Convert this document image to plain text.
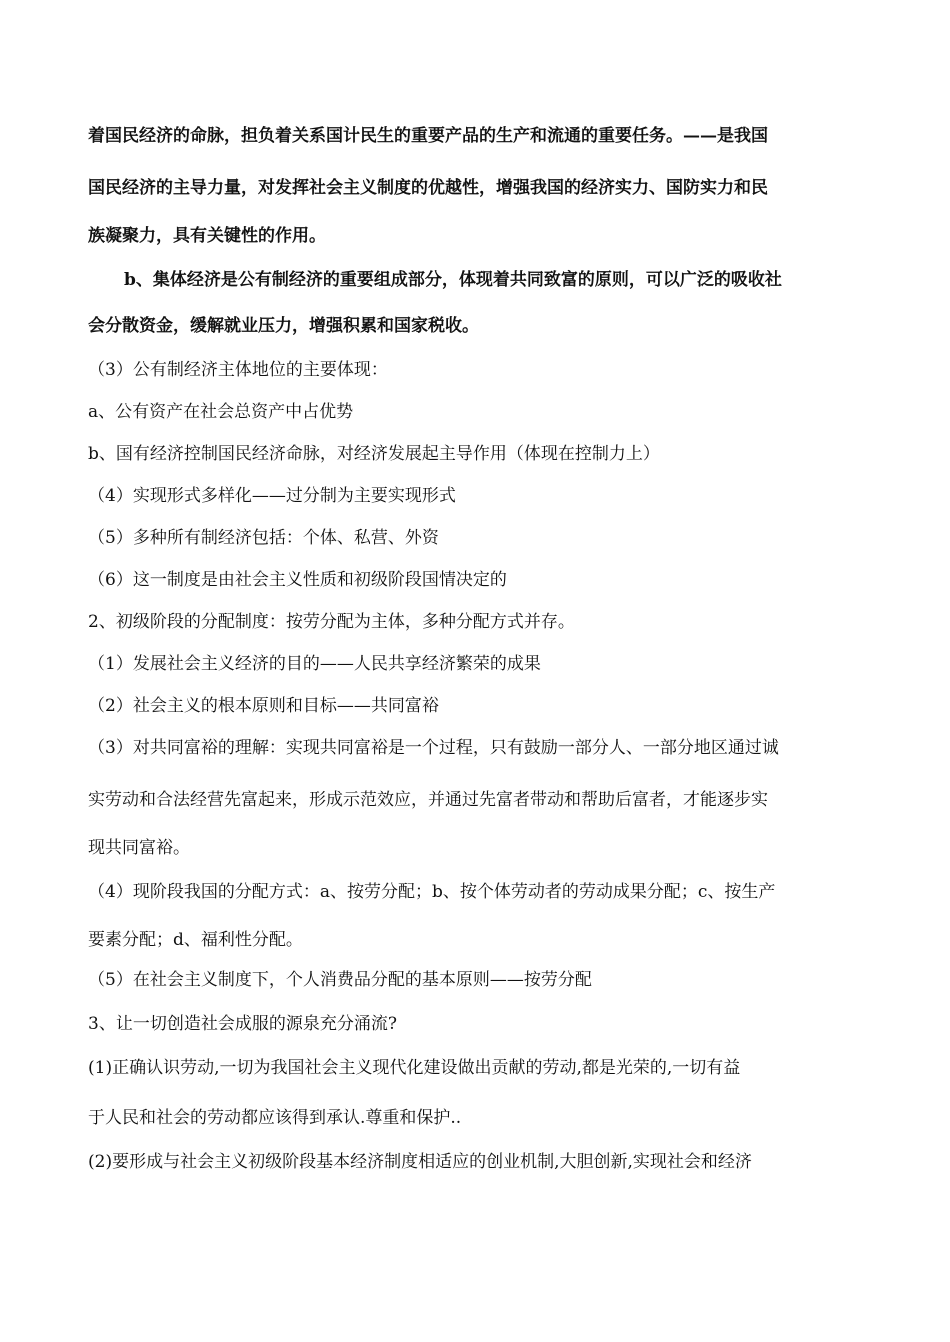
着国民经济的命脉，担负着关系国计民生的重要产品的生产和流通的重要任务。——是我国
国民经济的主导力量，对发挥社会主义制度的优越性，增强我国的经济实力、国防实力和民
族凝聚力，具有关键性的作用。
b、集体经济是公有制经济的重要组成部分，体现着共同致富的原则，可以广泛的吸收社
会分散资金，缓解就业压力，增强积累和国家税收。
（3）公有制经济主体地位的主要体现：
a、公有资产在社会总资产中占优势
b、国有经济控制国民经济命脉，对经济发展起主导作用（体现在控制力上）
（4）实现形式多样化——过分制为主要实现形式
（5）多种所有制经济包括：个体、私营、外资
（6）这一制度是由社会主义性质和初级阶段国情决定的
2、初级阶段的分配制度：按劳分配为主体，多种分配方式并存。
（1）发展社会主义经济的目的——人民共享经济繁荣的成果
（2）社会主义的根本原则和目标——共同富裕
（3）对共同富裕的理解：实现共同富裕是一个过程，只有鼓励一部分人、一部分地区通过诚
实劳动和合法经营先富起来，形成示范效应，并通过先富者带动和帮助后富者，才能逐步实
现共同富裕。
（4）现阶段我国的分配方式：a、按劳分配；b、按个体劳动者的劳动成果分配；c、按生产
要素分配；d、福利性分配。
（5）在社会主义制度下，个人消费品分配的基本原则——按劳分配
3、让一切创造社会成服的源泉充分涌流?
(1)正确认识劳动,一切为我国社会主义现代化建设做出贡献的劳动,都是光荣的,一切有益
于人民和社会的劳动都应该得到承认.尊重和保护..
(2)要形成与社会主义初级阶段基本经济制度相适应的创业机制,大胆创新,实现社会和经济
